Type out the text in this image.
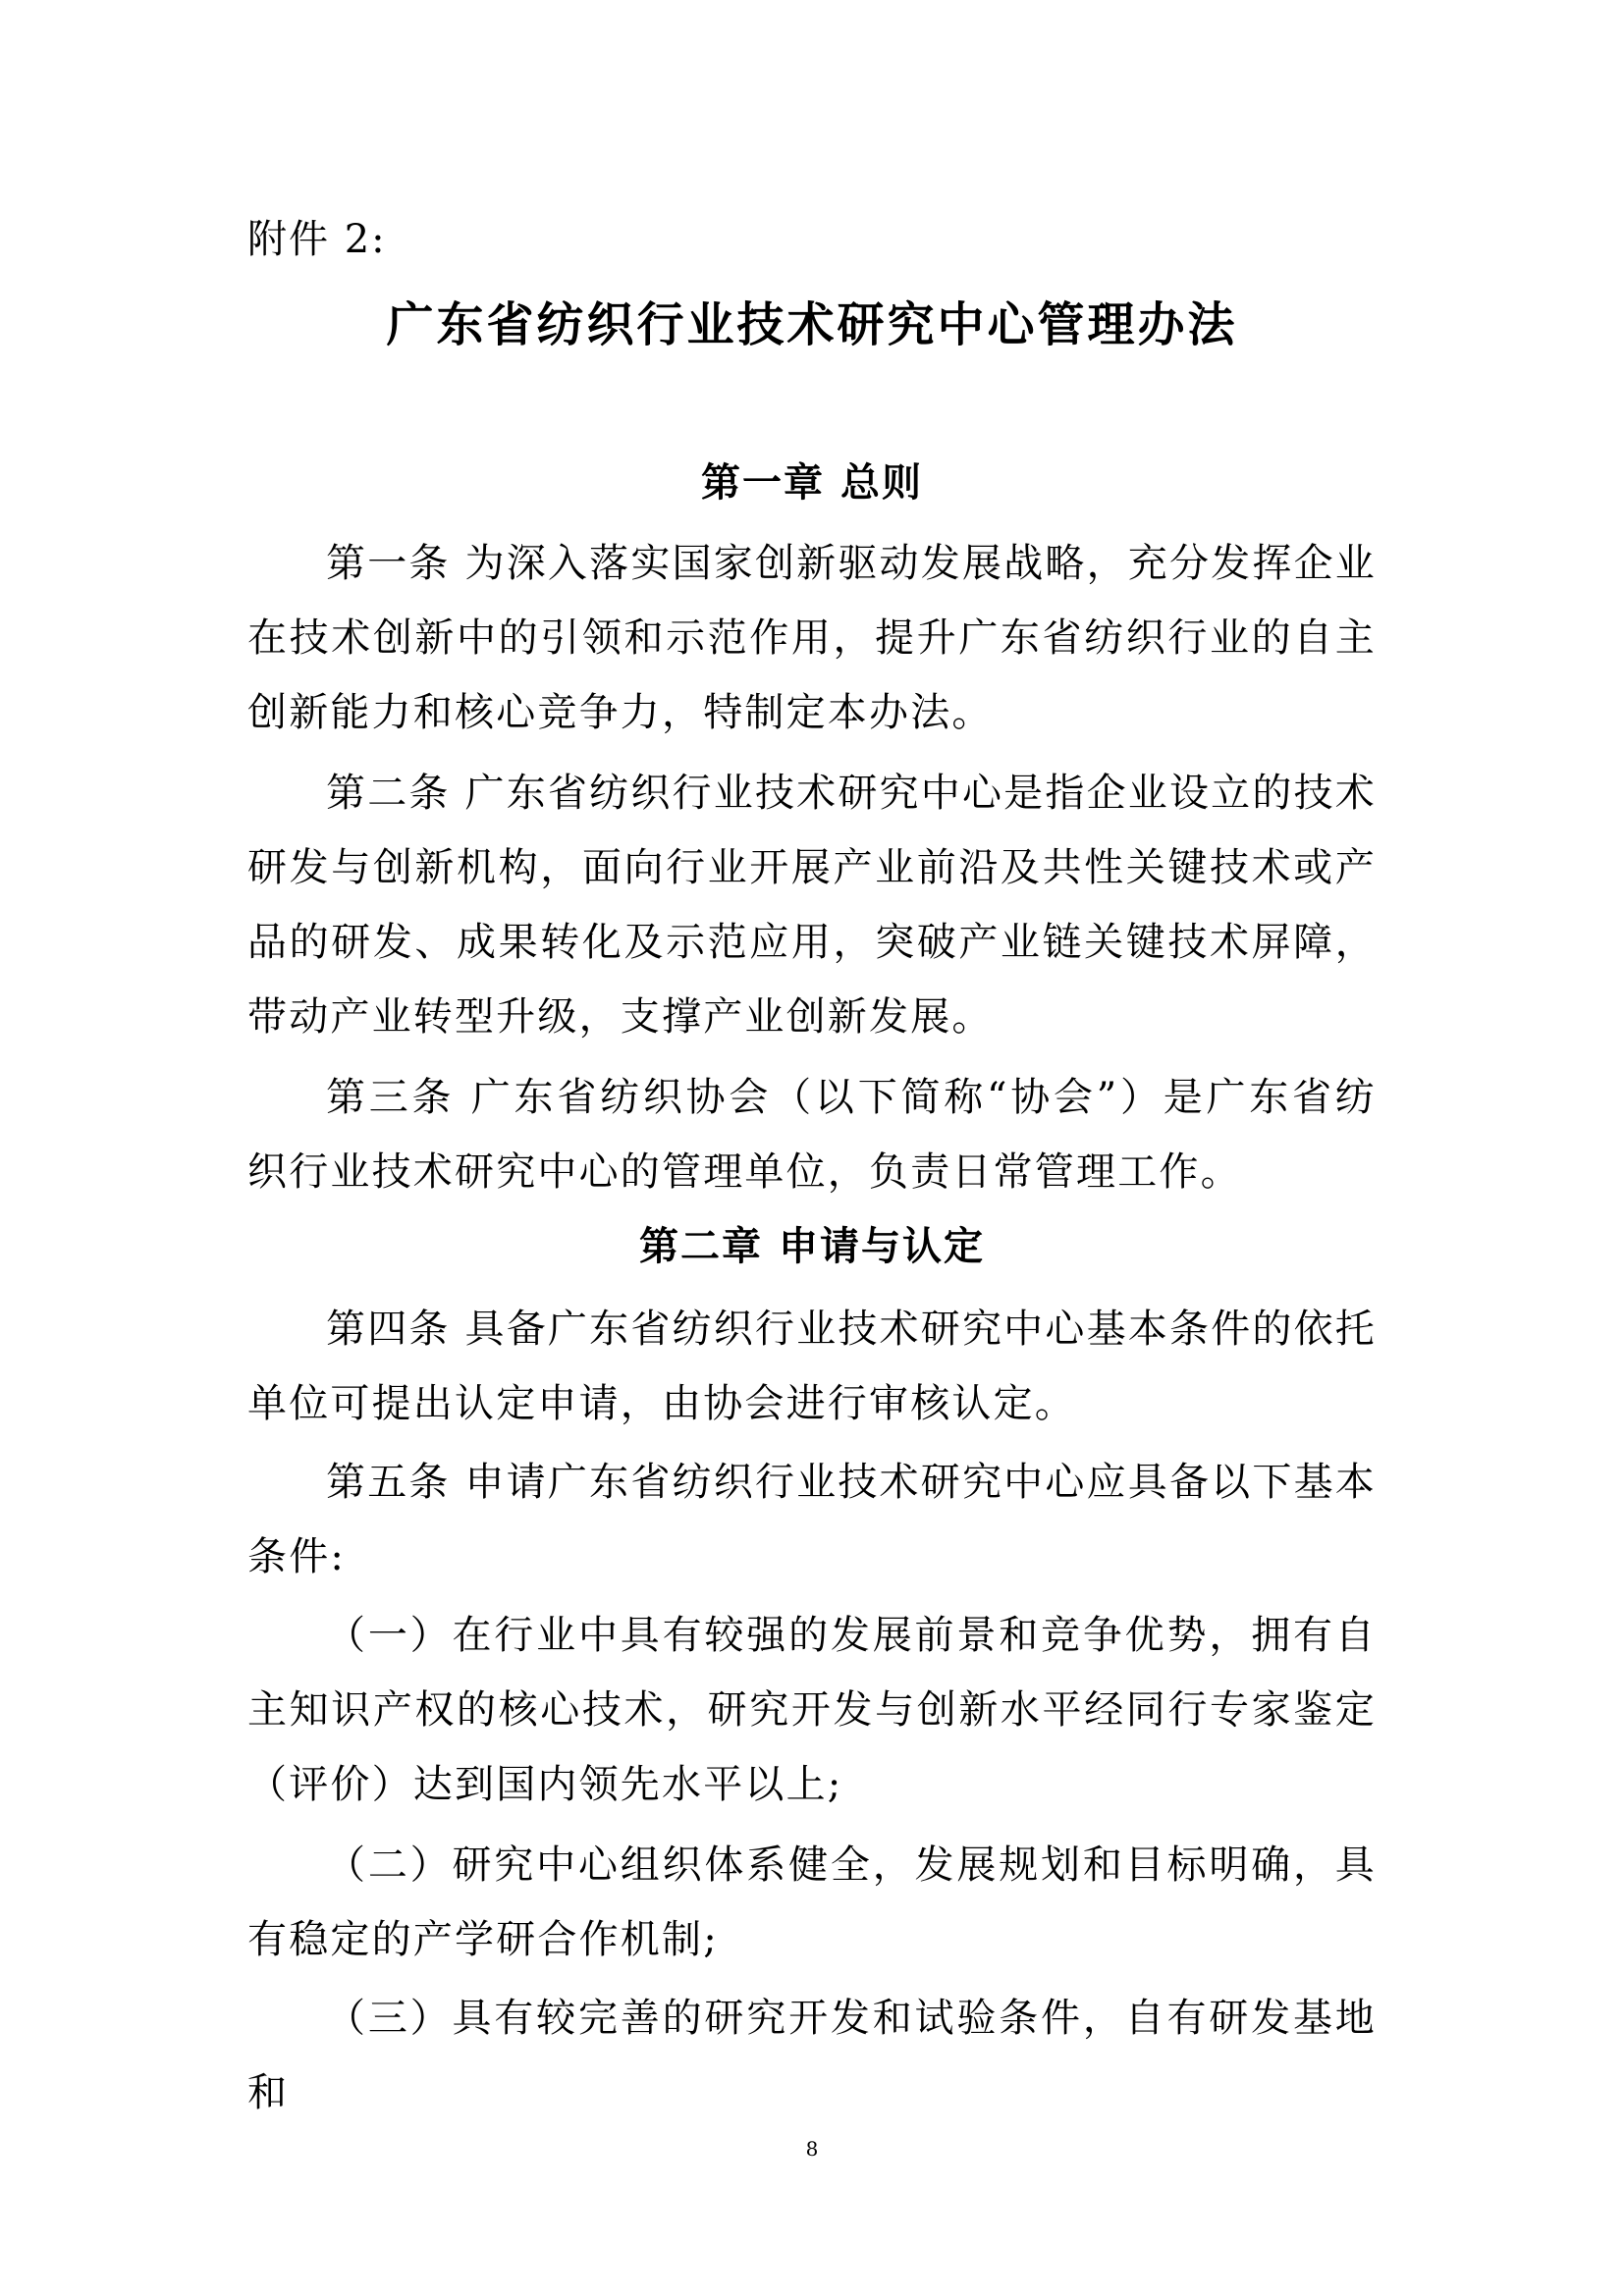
附件 2:
广东省纺织行业技术研究中心管理办法
第一章 总则
第一条 为深入落实国家创新驱动发展战略，充分发挥企业在技术创新中的引领和示范作用，提升广东省纺织行业的自主创新能力和核心竞争力，特制定本办法。
第二条 广东省纺织行业技术研究中心是指企业设立的技术研发与创新机构，面向行业开展产业前沿及共性关键技术或产品的研发、成果转化及示范应用，突破产业链关键技术屏障，带动产业转型升级，支撑产业创新发展。
第三条 广东省纺织协会（以下简称“协会”）是广东省纺织行业技术研究中心的管理单位，负责日常管理工作。
第二章 申请与认定
第四条 具备广东省纺织行业技术研究中心基本条件的依托单位可提出认定申请，由协会进行审核认定。
第五条 申请广东省纺织行业技术研究中心应具备以下基本条件:
（一）在行业中具有较强的发展前景和竞争优势，拥有自主知识产权的核心技术，研究开发与创新水平经同行专家鉴定（评价）达到国内领先水平以上;
（二）研究中心组织体系健全，发展规划和目标明确，具有稳定的产学研合作机制;
（三）具有较完善的研究开发和试验条件，自有研发基地和
8
